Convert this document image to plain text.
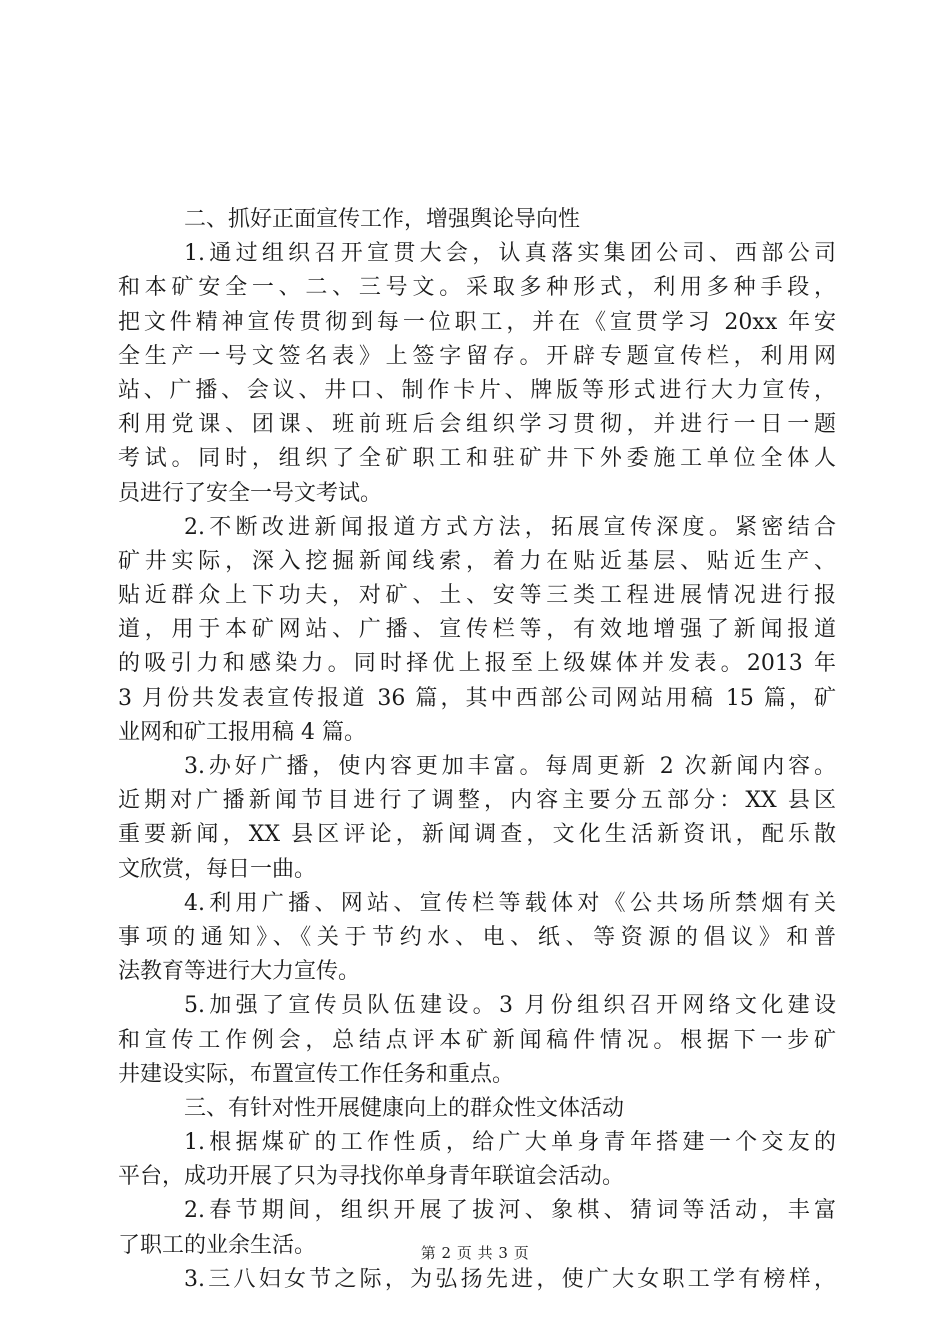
二、抓好正面宣传工作，增强舆论导向性
1.通过组织召开宣贯大会，认真落实集团公司、西部公司
和本矿安全一、二、三号文。采取多种形式，利用多种手段，
把文件精神宣传贯彻到每一位职工，并在《宣贯学习 20xx 年安
全生产一号文签名表》上签字留存。开辟专题宣传栏，利用网
站、广播、会议、井口、制作卡片、牌版等形式进行大力宣传，
利用党课、团课、班前班后会组织学习贯彻，并进行一日一题
考试。同时，组织了全矿职工和驻矿井下外委施工单位全体人
员进行了安全一号文考试。
2.不断改进新闻报道方式方法，拓展宣传深度。紧密结合
矿井实际，深入挖掘新闻线索，着力在贴近基层、贴近生产、
贴近群众上下功夫，对矿、土、安等三类工程进展情况进行报
道，用于本矿网站、广播、宣传栏等，有效地增强了新闻报道
的吸引力和感染力。同时择优上报至上级媒体并发表。2013 年
3 月份共发表宣传报道 36 篇，其中西部公司网站用稿 15 篇，矿
业网和矿工报用稿 4 篇。
3.办好广播，使内容更加丰富。每周更新 2 次新闻内容。
近期对广播新闻节目进行了调整，内容主要分五部分：XX 县区
重要新闻，XX 县区评论，新闻调查，文化生活新资讯，配乐散
文欣赏，每日一曲。
4.利用广播、网站、宣传栏等载体对《公共场所禁烟有关
事项的通知》、《关于节约水、电、纸、等资源的倡议》和普
法教育等进行大力宣传。
5.加强了宣传员队伍建设。3 月份组织召开网络文化建设
和宣传工作例会，总结点评本矿新闻稿件情况。根据下一步矿
井建设实际，布置宣传工作任务和重点。
三、有针对性开展健康向上的群众性文体活动
1.根据煤矿的工作性质，给广大单身青年搭建一个交友的
平台，成功开展了只为寻找你单身青年联谊会活动。
2.春节期间，组织开展了拔河、象棋、猜词等活动，丰富
了职工的业余生活。
3.三八妇女节之际，为弘扬先进，使广大女职工学有榜样，
第 2 页 共 3 页
